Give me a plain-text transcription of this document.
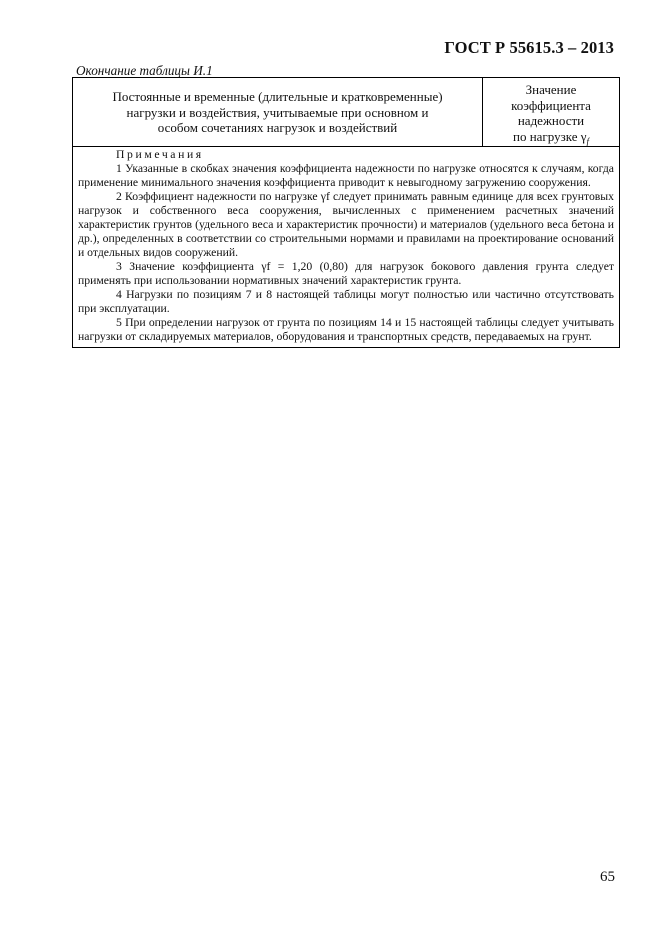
ГОСТ Р 55615.3 – 2013
Окончание таблицы И.1
Постоянные и временные (длительные и кратковременные)
нагрузки и воздействия, учитываемые при основном и
особом сочетаниях нагрузок и воздействий
Значение
коэффициента
надежности
по нагрузке $\gamma_f$
Примечания

1 Указанные в скобках значения коэффициента надежности по нагрузке относятся к случаям, когда применение минимального значения коэффициента приводит к невыгодному загружению сооружения.

2 Коэффициент надежности по нагрузке γf следует принимать равным единице для всех грунтовых нагрузок и собственного веса сооружения, вычисленных с применением расчетных значений характеристик грунтов (удельного веса и характеристик прочности) и материалов (удельного веса бетона и др.), определенных в соответствии со строительными нормами и правилами на проектирование оснований и отдельных видов сооружений.

3 Значение коэффициента γf = 1,20 (0,80) для нагрузок бокового давления грунта следует применять при использовании нормативных значений характеристик грунта.

4 Нагрузки по позициям 7 и 8 настоящей таблицы могут полностью или частично отсутствовать при эксплуатации.

5 При определении нагрузок от грунта по позициям 14 и 15 настоящей таблицы следует учитывать нагрузки от складируемых материалов, оборудования и транспортных средств, передаваемых на грунт.

65
